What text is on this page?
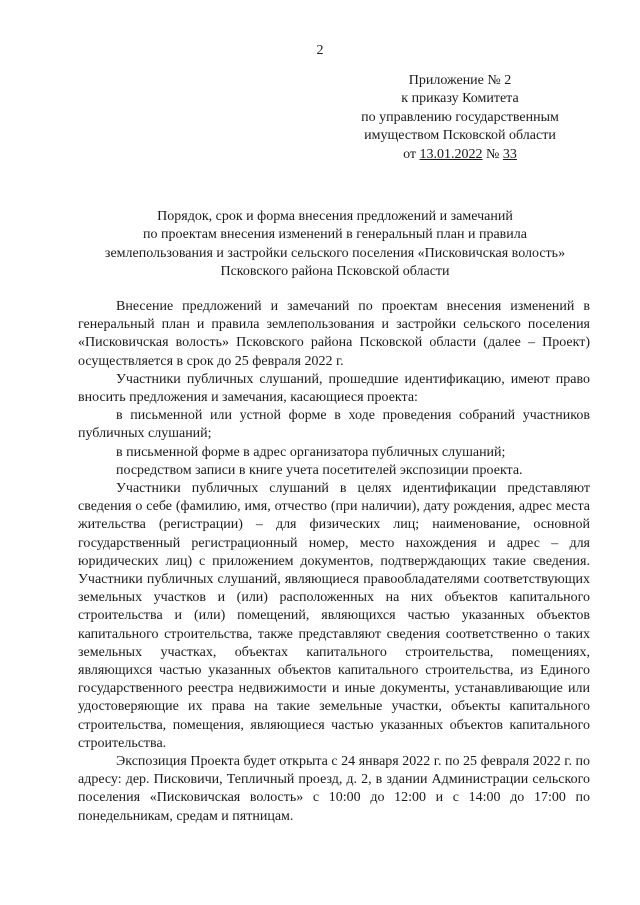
2
Приложение № 2
к приказу Комитета
по управлению государственным
имуществом Псковской области
от 13.01.2022 № 33
Порядок, срок и форма внесения предложений и замечаний
по проектам внесения изменений в генеральный план и правила
землепользования и застройки сельского поселения «Писковичская волость»
Псковского района Псковской области

Внесение предложений и замечаний по проектам внесения изменений в генеральный план и правила землепользования и застройки сельского поселения «Писковичская волость» Псковского района Псковской области (далее – Проект) осуществляется в срок до 25 февраля 2022 г.

Участники публичных слушаний, прошедшие идентификацию, имеют право вносить предложения и замечания, касающиеся проекта:

в письменной или устной форме в ходе проведения собраний участников публичных слушаний;

в письменной форме в адрес организатора публичных слушаний;

посредством записи в книге учета посетителей экспозиции проекта.

Участники публичных слушаний в целях идентификации представляют сведения о себе (фамилию, имя, отчество (при наличии), дату рождения, адрес места жительства (регистрации) – для физических лиц; наименование, основной государственный регистрационный номер, место нахождения и адрес – для юридических лиц) с приложением документов, подтверждающих такие сведения. Участники публичных слушаний, являющиеся правообладателями соответствующих земельных участков и (или) расположенных на них объектов капитального строительства и (или) помещений, являющихся частью указанных объектов капитального строительства, также представляют сведения соответственно о таких земельных участках, объектах капитального строительства, помещениях, являющихся частью указанных объектов капитального строительства, из Единого государственного реестра недвижимости и иные документы, устанавливающие или удостоверяющие их права на такие земельные участки, объекты капитального строительства, помещения, являющиеся частью указанных объектов капитального строительства.

Экспозиция Проекта будет открыта с 24 января 2022 г. по 25 февраля 2022 г. по адресу: дер. Писковичи, Тепличный проезд, д. 2, в здании Администрации сельского поселения «Писковичская волость» с 10:00 до 12:00 и с 14:00 до 17:00 по понедельникам, средам и пятницам.
